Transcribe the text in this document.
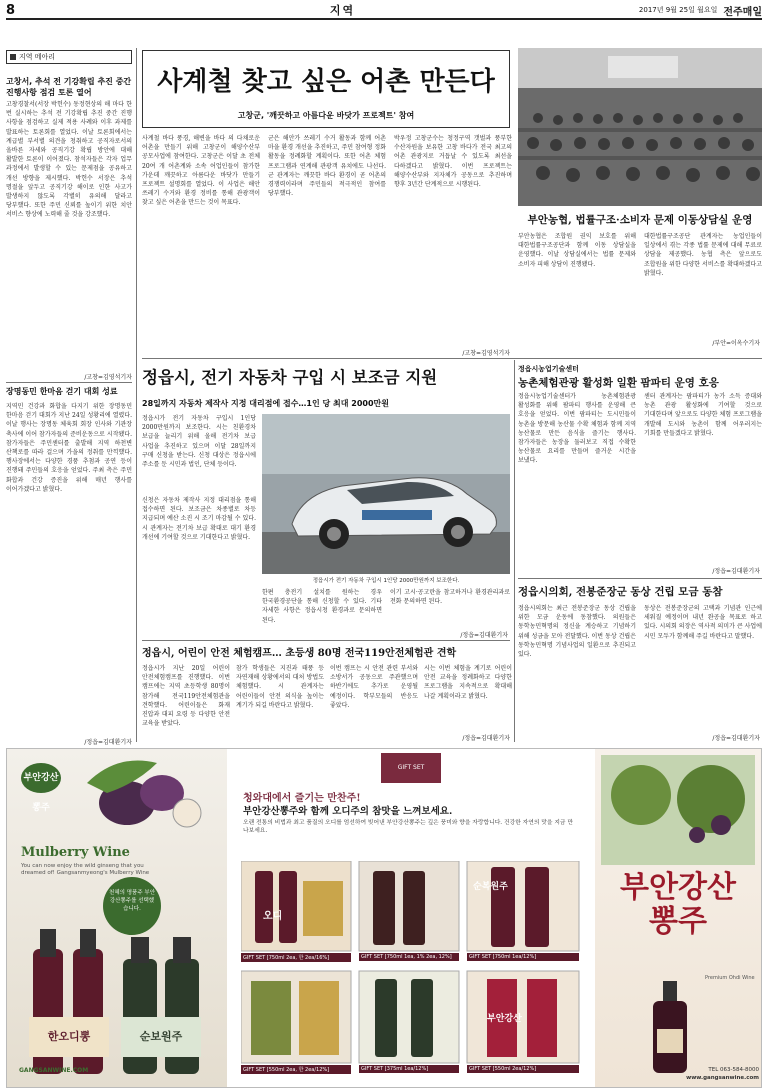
8	지역	2017년 9월 25일 월요일 전주매일
지역 메아리
고창서, 추석 전 기강확립 추진 중간 진행사항 점검 토론 열어
고창경찰서(서장 박헌수) 동정현상의 해 마다 한 번 실시하는 추석 전 기강확립 추진 중간 진행 사항을 점검하고 실제 적용 사례와 이후 과제를 발표하는 토론회를 열었다. 이날 토론회에서는 계급별 부서별 의견을 청취하고 공직자로서의 올바른 자세와 공직기강 확립 방안에 대해 활발한 토론이 이어졌다. 참석자들은 각자 업무 과정에서 발생할 수 있는 문제점을 공유하고 개선 방향을 제시했다. 박헌수 서장은 추석 명절을 앞두고 공직기강 해이로 인한 사고가 발생하지 않도록 각별히 유의해 달라고 당부했다. 또한 주민 신뢰를 높이기 위한 치안 서비스 향상에 노력해 줄 것을 강조했다.
/고창=김영석기자
장명동민 한마음 걷기 대회 성료
지역민 건강과 화합을 다지기 위한 장명동민 한마음 걷기 대회가 지난 24일 성황리에 열렸다. 이날 행사는 장명동 체육회 회장 인사와 기관장 축사에 이어 참가자들의 준비운동으로 시작됐다. 참가자들은 주민센터를 출발해 지역 하천변 산책로를 따라 걸으며 가을의 정취를 만끽했다. 행사장에서는 다양한 경품 추첨과 공연 등이 진행돼 주민들의 호응을 얻었다. 주최 측은 주민 화합과 건강 증진을 위해 매년 행사를 이어가겠다고 밝혔다.
/정읍=김대환기자
사계철 찾고 싶은 어촌 만든다
고창군, '깨끗하고 아름다운 바닷가 프로젝트' 참여
사계철 바다 풍경, 해변을 바다 의 다채로운 어촌을 만들기 위해 고창군이 해양수산부 공모사업에 참여한다. 고창군은 이달 초 전체 20여 개 어촌계와 소속 어업인들이 참가한 가운데 깨끗하고 아름다운 바닷가 만들기 프로젝트 설명회를 열었다. 이 사업은 해안 쓰레기 수거와 환경 정비를 통해 관광객이 찾고 싶은 어촌을 만드는 것이 목표다.
군은 해안가 쓰레기 수거 활동과 함께 어촌 마을 환경 개선을 추진하고, 주민 참여형 정화 활동을 정례화할 계획이다. 또한 어촌 체험 프로그램과 연계해 관광객 유치에도 나선다. 군 관계자는 깨끗한 바다 환경이 곧 어촌의 경쟁력이라며 주민들의 적극적인 참여를 당부했다.
박우정 고창군수는 청정구역 갯벌과 풍부한 수산자원을 보유한 고창 바다가 전국 최고의 어촌 관광지로 거듭날 수 있도록 최선을 다하겠다고 밝혔다. 이번 프로젝트는 해양수산부와 지자체가 공동으로 추진하며 향후 3년간 단계적으로 시행된다.
/고창=김영석기자
부안농협, 법률구조·소비자 문제 이동상담실 운영
부안농협은 조합원 권익 보호를 위해 대한법률구조공단과 함께 이동 상담실을 운영했다. 이날 상담실에서는 법률 문제와 소비자 피해 상담이 진행됐다.
대한법률구조공단 관계자는 농업인들이 일상에서 겪는 각종 법률 문제에 대해 무료로 상담을 제공했다. 농협 측은 앞으로도 조합원을 위한 다양한 서비스를 확대하겠다고 밝혔다.
/부안=이옥수기자
정읍시, 전기 자동차 구입 시 보조금 지원
28일까지 자동차 제작사 지정 대리점에 접수…1인 당 최대 2000만원
정읍시가 전기 자동차 구입시 1인당 2000만원까지 보조한다. 시는 친환경차 보급을 늘리기 위해 올해 전기차 보급 사업을 추진하고 있으며 이달 28일까지 구매 신청을 받는다. 신청 대상은 정읍시에 주소를 둔 시민과 법인, 단체 등이다.
신청은 자동차 제작사 지정 대리점을 통해 접수하면 된다. 보조금은 차종별로 차등 지급되며 예산 소진 시 조기 마감될 수 있다. 시 관계자는 전기차 보급 확대로 대기 환경 개선에 기여할 것으로 기대한다고 밝혔다.
정읍시가 전기 자동차 구입시 1인당 2000만원까지 보조한다.
한편 충전기 설치를 원하는 경우 한국환경공단을 통해 신청할 수 있다. 기타 자세한 사항은 정읍시청 환경과로 문의하면 된다.
이기 고시·공고란을 참고하거나 환경관리과로 전화 문의하면 된다.
/정읍=김대환기자
정읍시, 어린이 안전 체험캠프… 초등생 80명 전국119안전체험관 견학
정읍시가 지난 20일 어린이 안전체험캠프를 진행했다. 이번 캠프에는 지역 초등학생 80명이 참가해 전국119안전체험관을 견학했다. 어린이들은 화재 진압과 대피 요령 등 다양한 안전 교육을 받았다.
참가 학생들은 지진과 태풍 등 자연재해 상황에서의 대처 방법도 체험했다. 시 관계자는 어린이들이 안전 의식을 높이는 계기가 되길 바란다고 밝혔다.
이번 캠프는 시 안전 관련 부서와 소방서가 공동으로 주관했으며 하반기에도 추가로 운영될 예정이다. 학부모들의 반응도 좋았다.
시는 이번 체험을 계기로 어린이 안전 교육을 정례화하고 다양한 프로그램을 지속적으로 확대해 나갈 계획이라고 밝혔다.
/정읍=김대환기자
정읍시농업기술센터
농촌체험관광 활성화 일환 팜파티 운영 호응
정읍시농업기술센터가 농촌체험관광 활성화를 위해 팜파티 행사를 운영해 큰 호응을 얻었다. 이번 팜파티는 도시민들이 농촌을 방문해 농산물 수확 체험과 함께 지역 농산물로 만든 음식을 즐기는 행사다. 참가자들은 농장을 둘러보고 직접 수확한 농산물로 요리를 만들며 즐거운 시간을 보냈다.
센터 관계자는 팜파티가 농가 소득 증대와 농촌 관광 활성화에 기여할 것으로 기대한다며 앞으로도 다양한 체험 프로그램을 개발해 도시와 농촌이 함께 어우러지는 기회를 만들겠다고 밝혔다.
/정읍=김대환기자
정읍시의회, 전봉준장군 동상 건립 모금 동참
정읍시의회는 최근 전봉준장군 동상 건립을 위한 모금 운동에 동참했다. 의원들은 동학농민혁명의 정신을 계승하고 기념하기 위해 성금을 모아 전달했다. 이번 동상 건립은 동학농민혁명 기념사업의 일환으로 추진되고 있다.
동상은 전봉준장군의 고택과 기념관 인근에 세워질 예정이며 내년 완공을 목표로 하고 있다. 시의회 의장은 역사적 의미가 큰 사업에 시민 모두가 함께해 주길 바란다고 말했다.
/정읍=김대환기자
부안강산 뽕주
Mulberry Wine
You can now enjoy the wild ginseng that you dreamed of! Gangsanmyeong's Mulberry Wine
천혜의 명품주 부안강산뽕주를 선택했습니다.
한오디뽕	순보원주
GANGSANWINE.COM
GIFT SET
청와대에서 즐기는 만찬주!
부안강산뽕주와 함께 오디주의 참맛을 느껴보세요.
오랜 전통의 비법과 최고 품질의 오디를 엄선하여 빚어낸 부안강산뽕주는 깊은 풍미와 향을 자랑합니다. 건강한 자연의 맛을 지금 만나보세요.
오디
순복원주
부안강산
GIFT SET [750ml 2ea, 한 2ea/16%]	GIFT SET [750ml 1ea, 1% 2ea, 12%]	GIFT SET [750ml 1ea/12%]
GIFT SET [550ml 2ea, 한 2ea/12%]	GIFT SET [375ml 1ea/12%]	GIFT SET [550ml 2ea/12%]
부안강산 뽕주
Premium Ohdi Wine
TEL 063-584-8000
www.gangsanwine.com
